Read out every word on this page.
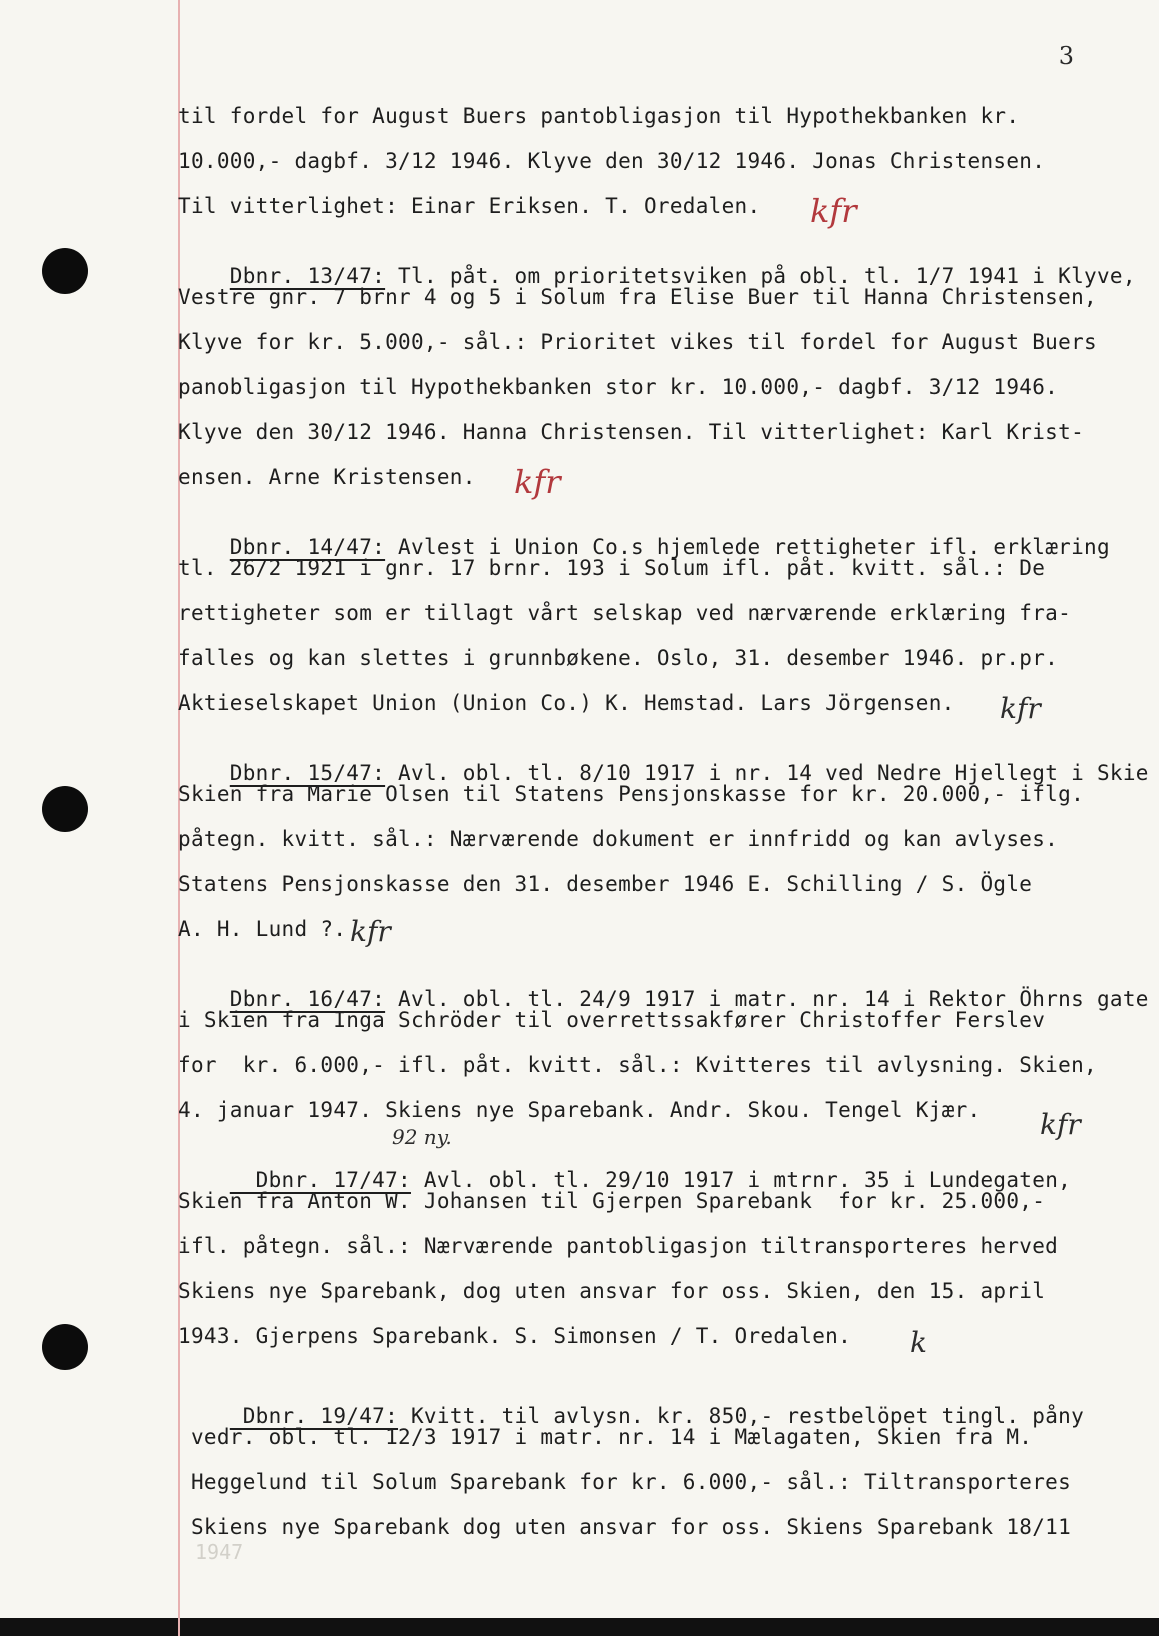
3
til fordel for August Buers pantobligasjon til Hypothekbanken kr.
10.000,- dagbf. 3/12 1946. Klyve den 30/12 1946. Jonas Christensen.
Til vitterlighet: Einar Eriksen. T. Oredalen.

Dbnr. 13/47: Tl. påt. om prioritetsviken på obl. tl. 1/7 1941 i Klyve,

Vestre gnr. 7 brnr 4 og 5 i Solum fra Elise Buer til Hanna Christensen,
Klyve for kr. 5.000,- sål.: Prioritet vikes til fordel for August Buers
panobligasjon til Hypothekbanken stor kr. 10.000,- dagbf. 3/12 1946.
Klyve den 30/12 1946. Hanna Christensen. Til vitterlighet: Karl Krist-
ensen. Arne Kristensen.

Dbnr. 14/47: Avlest i Union Co.s hjemlede rettigheter ifl. erklæring

tl. 26/2 1921 i gnr. 17 brnr. 193 i Solum ifl. påt. kvitt. sål.: De
rettigheter som er tillagt vårt selskap ved nærværende erklæring fra-
falles og kan slettes i grunnbøkene. Oslo, 31. desember 1946. pr.pr.
Aktieselskapet Union (Union Co.) K. Hemstad. Lars Jörgensen.

Dbnr. 15/47: Avl. obl. tl. 8/10 1917 i nr. 14 ved Nedre Hjellegt i Skie

Skien fra Marie Olsen til Statens Pensjonskasse for kr. 20.000,- iflg.
påtegn. kvitt. sål.: Nærværende dokument er innfridd og kan avlyses.
Statens Pensjonskasse den 31. desember 1946 E. Schilling / S. Ögle
A. H. Lund ?.

Dbnr. 16/47: Avl. obl. tl. 24/9 1917 i matr. nr. 14 i Rektor Öhrns gate

i Skien fra Inga Schröder til overrettssakfører Christoffer Ferslev
for  kr. 6.000,- ifl. påt. kvitt. sål.: Kvitteres til avlysning. Skien,
4. januar 1947. Skiens nye Sparebank. Andr. Skou. Tengel Kjær.

Dbnr. 17/47: Avl. obl. tl. 29/10 1917 i mtrnr. 35 i Lundegaten,

Skien fra Anton W. Johansen til Gjerpen Sparebank  for kr. 25.000,-
ifl. påtegn. sål.: Nærværende pantobligasjon tiltransporteres herved
Skiens nye Sparebank, dog uten ansvar for oss. Skien, den 15. april
1943. Gjerpens Sparebank. S. Simonsen / T. Oredalen.

Dbnr. 19/47: Kvitt. til avlysn. kr. 850,- restbelöpet tingl. påny

vedr. obl. tl. 12/3 1917 i matr. nr. 14 i Mælagaten, Skien fra M.
Heggelund til Solum Sparebank for kr. 6.000,- sål.: Tiltransporteres
Skiens nye Sparebank dog uten ansvar for oss. Skiens Sparebank 18/11
kfr
kfr
kfr
kfr
kfr
k
92 ny.
1947
